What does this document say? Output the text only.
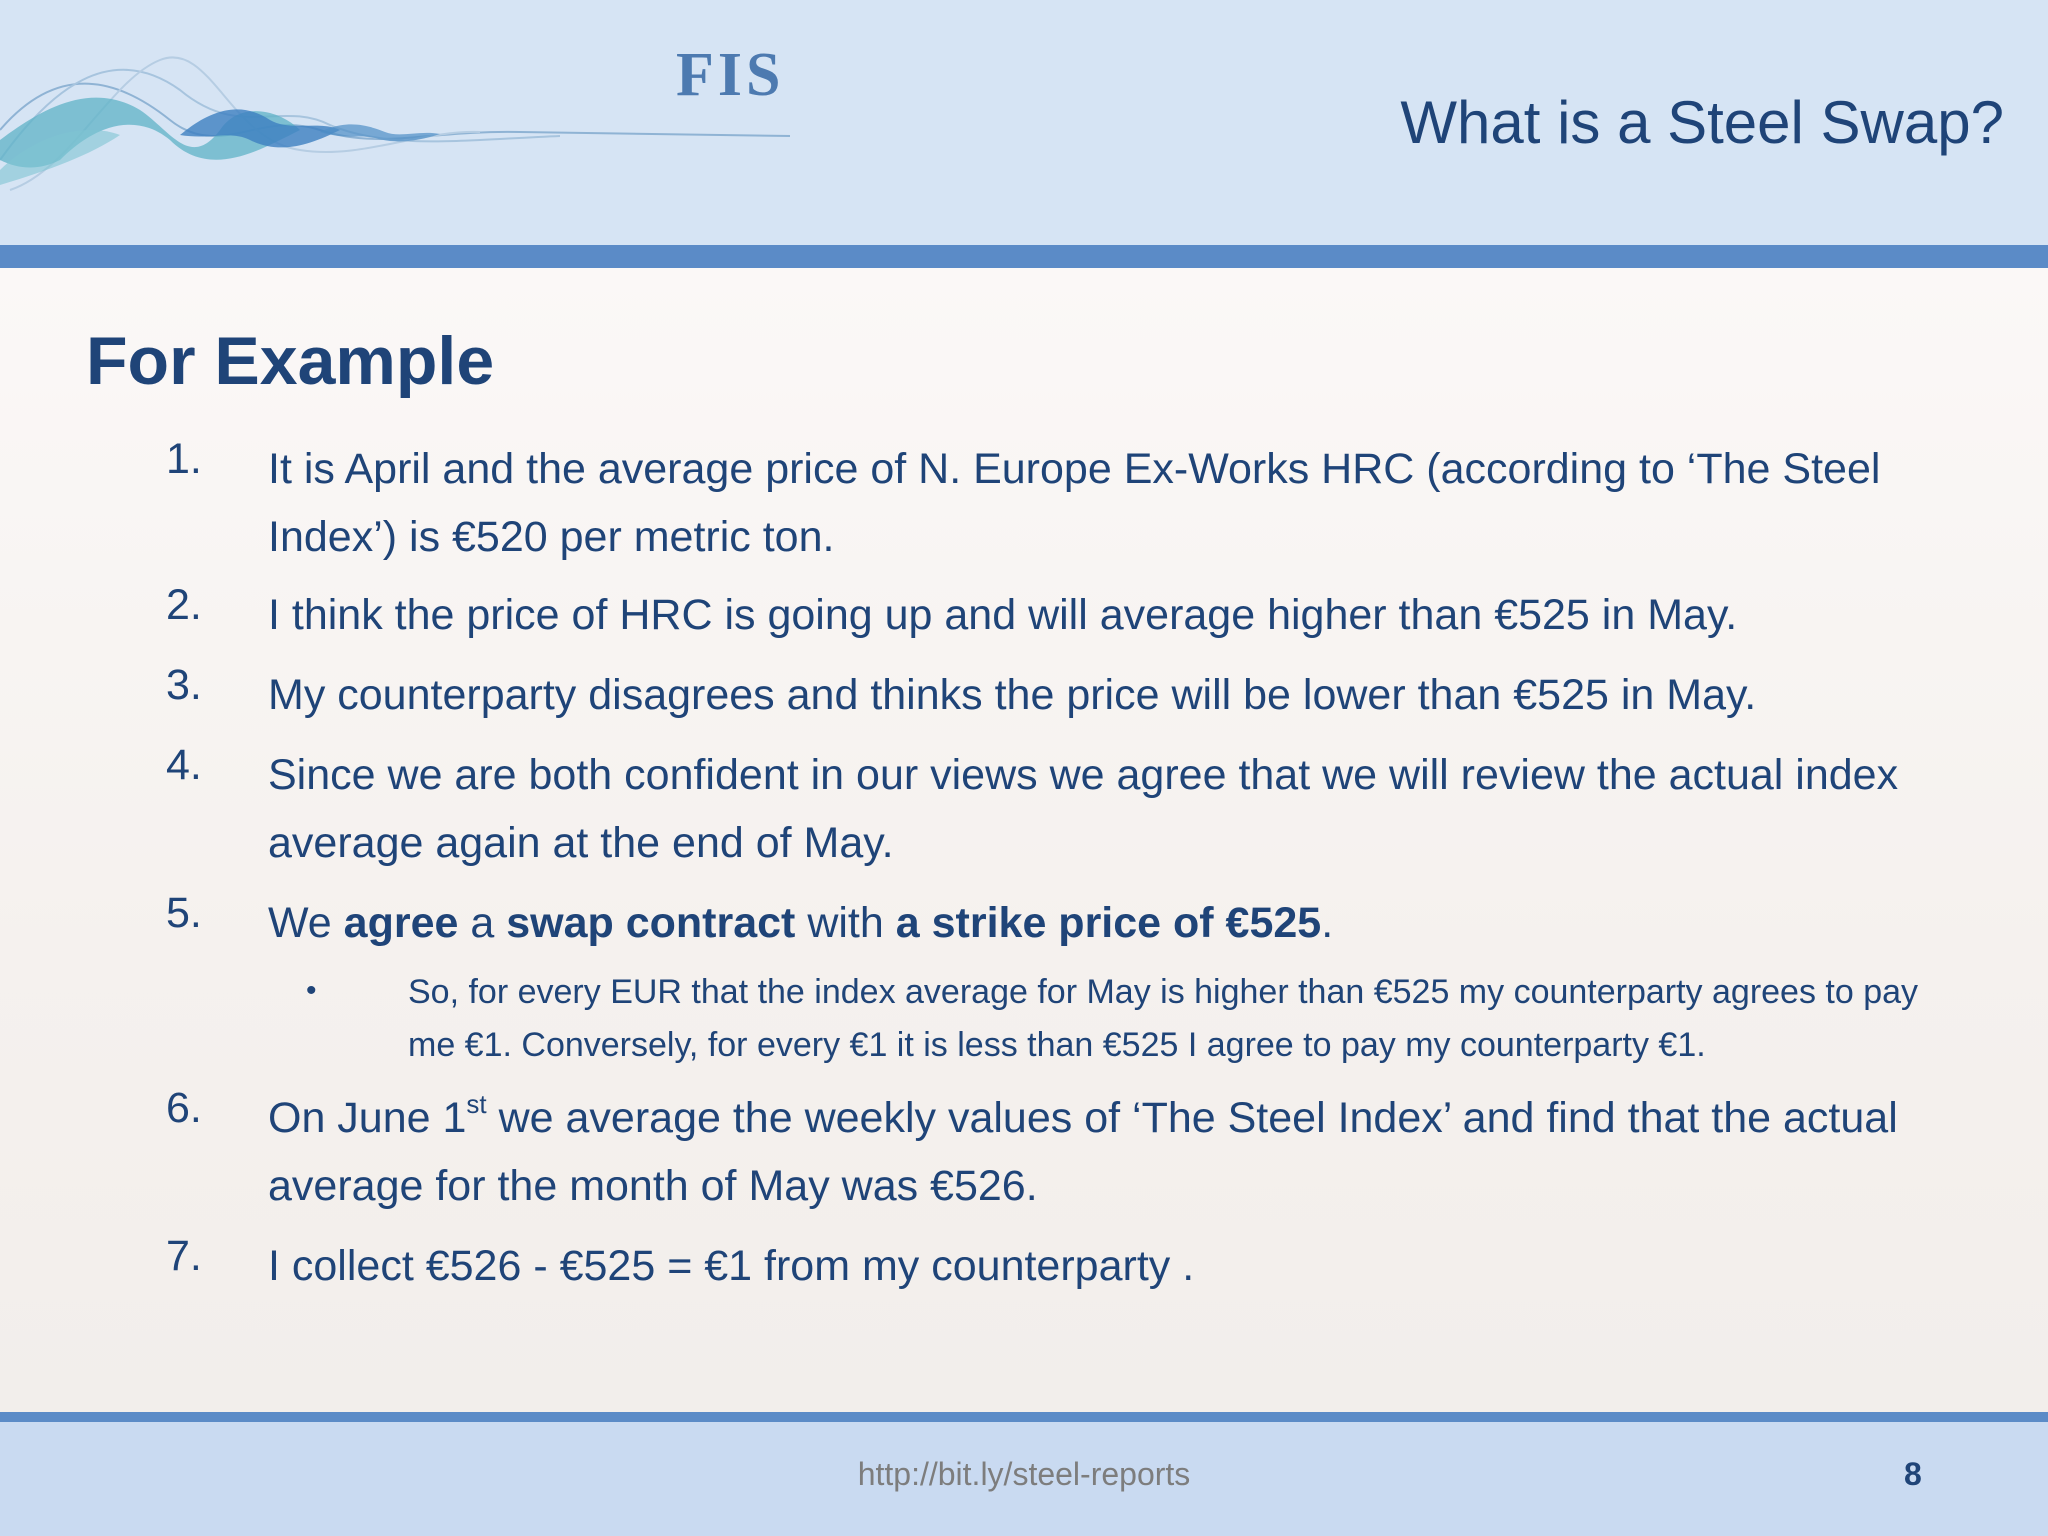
FIS
What is a Steel Swap?
For Example
1. It is April and the average price of N. Europe Ex-Works HRC (according to ‘The Steel Index’) is €520 per metric ton.
2. I think the price of HRC is going up and will average higher than €525 in May.
3. My counterparty disagrees and thinks the price will be lower than €525 in May.
4. Since we are both confident in our views we agree that we will review the actual index average again at the end of May.
5. We agree a swap contract with a strike price of €525.
•	So, for every EUR that the index average for May is higher than €525 my counterparty agrees to pay me €1. Conversely, for every €1 it is less than €525 I agree to pay my counterparty €1.
6. On June 1st we average the weekly values of ‘The Steel Index’ and find that the actual average for the month of May was €526.
7. I collect €526 - €525 = €1 from my counterparty .
http://bit.ly/steel-reports	8
